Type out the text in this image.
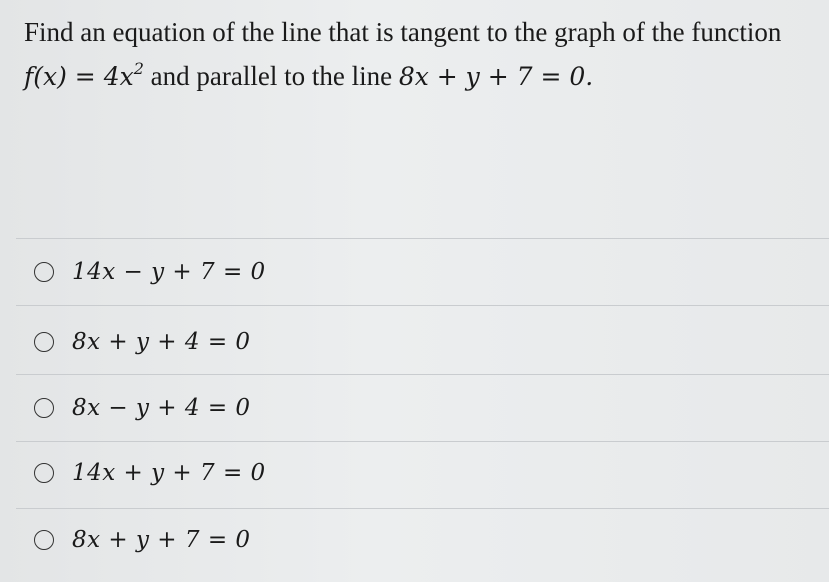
Find an equation of the line that is tangent to the graph of the function
$f(x) = 4x^2$ and parallel to the line 8x + y + 7 = 0.
14x − y + 7 = 0
8x + y + 4 = 0
8x − y + 4 = 0
14x + y + 7 = 0
8x + y + 7 = 0
